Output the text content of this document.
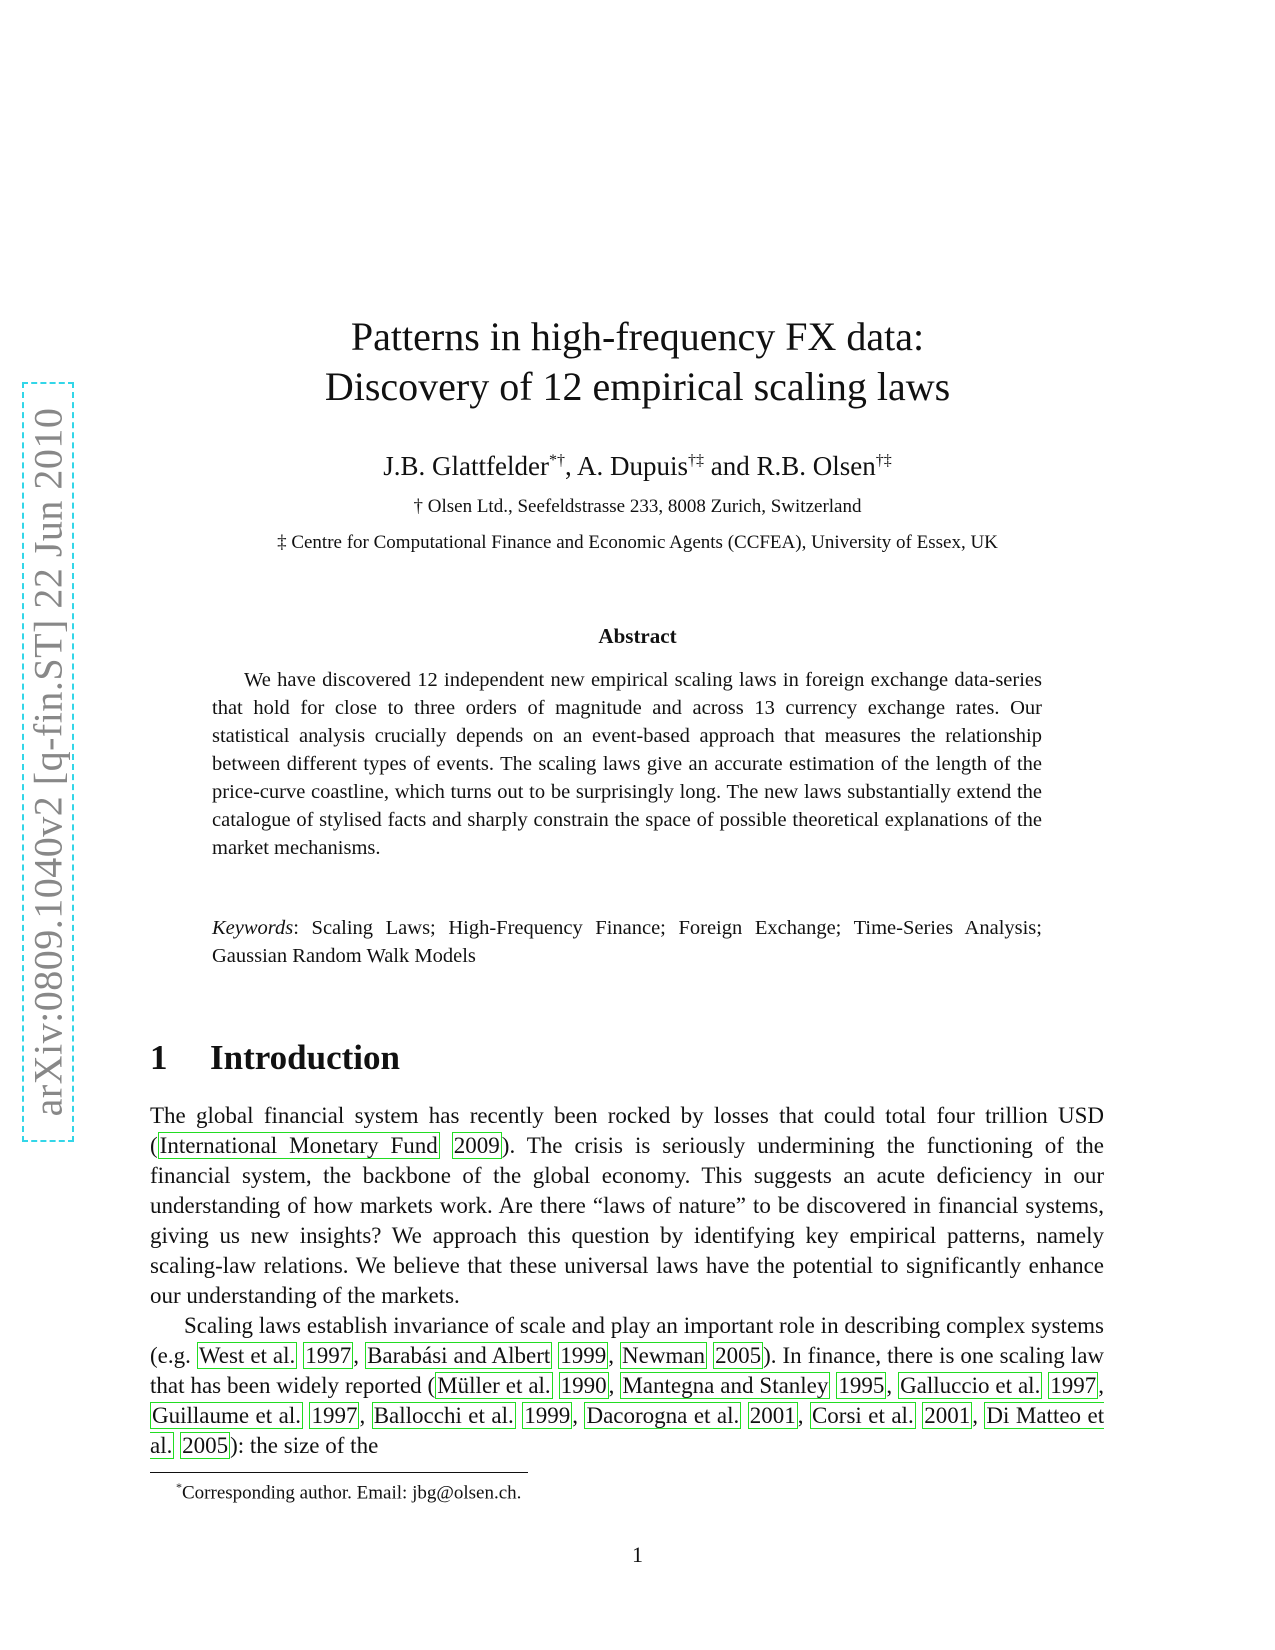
arXiv:0809.1040v2 [q-fin.ST] 22 Jun 2010
Patterns in high-frequency FX data:
Discovery of 12 empirical scaling laws
J.B. Glattfelder*†, A. Dupuis†‡ and R.B. Olsen†‡
† Olsen Ltd., Seefeldstrasse 233, 8008 Zurich, Switzerland
‡ Centre for Computational Finance and Economic Agents (CCFEA), University of Essex, UK
Abstract

We have discovered 12 independent new empirical scaling laws in foreign exchange data-series that hold for close to three orders of magnitude and across 13 currency exchange rates. Our statistical analysis crucially depends on an event-based approach that measures the relationship between different types of events. The scaling laws give an accurate estimation of the length of the price-curve coastline, which turns out to be surprisingly long. The new laws substantially extend the catalogue of stylised facts and sharply constrain the space of possible theoretical explanations of the market mechanisms.

Keywords: Scaling Laws; High-Frequency Finance; Foreign Exchange; Time-Series Analysis; Gaussian Random Walk Models

1 Introduction

The global financial system has recently been rocked by losses that could total four trillion USD (International Monetary Fund 2009). The crisis is seriously undermining the functioning of the financial system, the backbone of the global economy. This suggests an acute deficiency in our understanding of how markets work. Are there “laws of nature” to be discovered in financial systems, giving us new insights? We approach this question by identifying key empirical patterns, namely scaling-law relations. We believe that these universal laws have the potential to significantly enhance our understanding of the markets.

Scaling laws establish invariance of scale and play an important role in describing complex systems (e.g. West et al. 1997, Barabási and Albert 1999, Newman 2005). In finance, there is one scaling law that has been widely reported (Müller et al. 1990, Mantegna and Stanley 1995, Galluccio et al. 1997, Guillaume et al. 1997, Ballocchi et al. 1999, Dacorogna et al. 2001, Corsi et al. 2001, Di Matteo et al. 2005): the size of the

*Corresponding author. Email: jbg@olsen.ch.
1
